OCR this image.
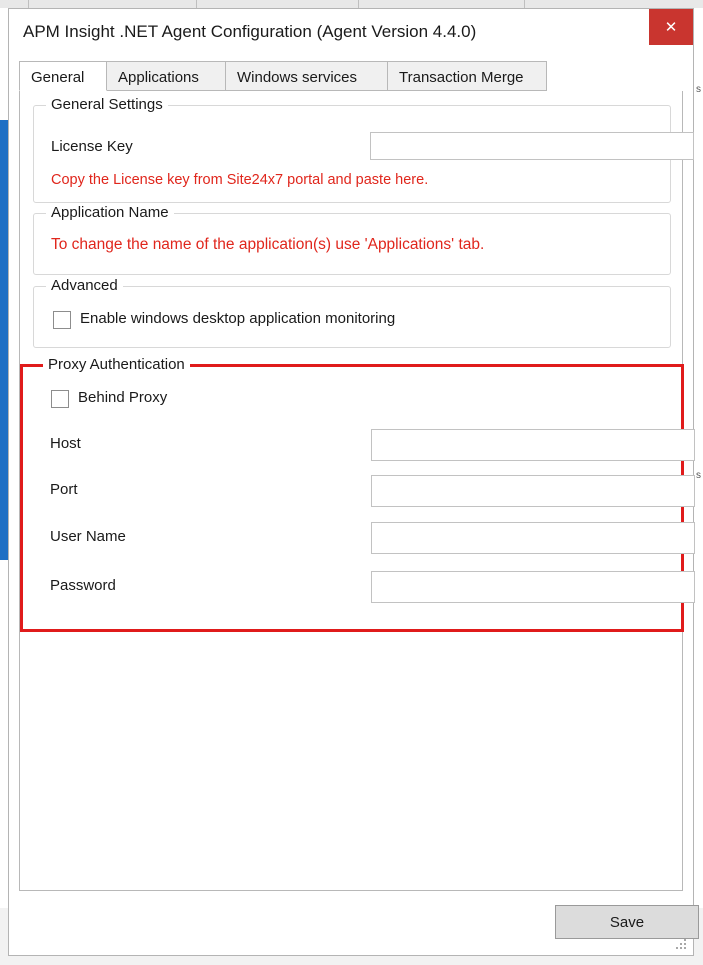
s
s
APM Insight .NET Agent Configuration (Agent Version 4.4.0)	✕
General	Applications	Windows services	Transaction Merge
General Settings
License Key
Copy the License key from Site24x7 portal and paste here.
Application Name
To change the name of the application(s) use 'Applications' tab.
Advanced
Enable windows desktop application monitoring
Proxy Authentication
Behind Proxy
Host
Port
User Name
Password
Save
